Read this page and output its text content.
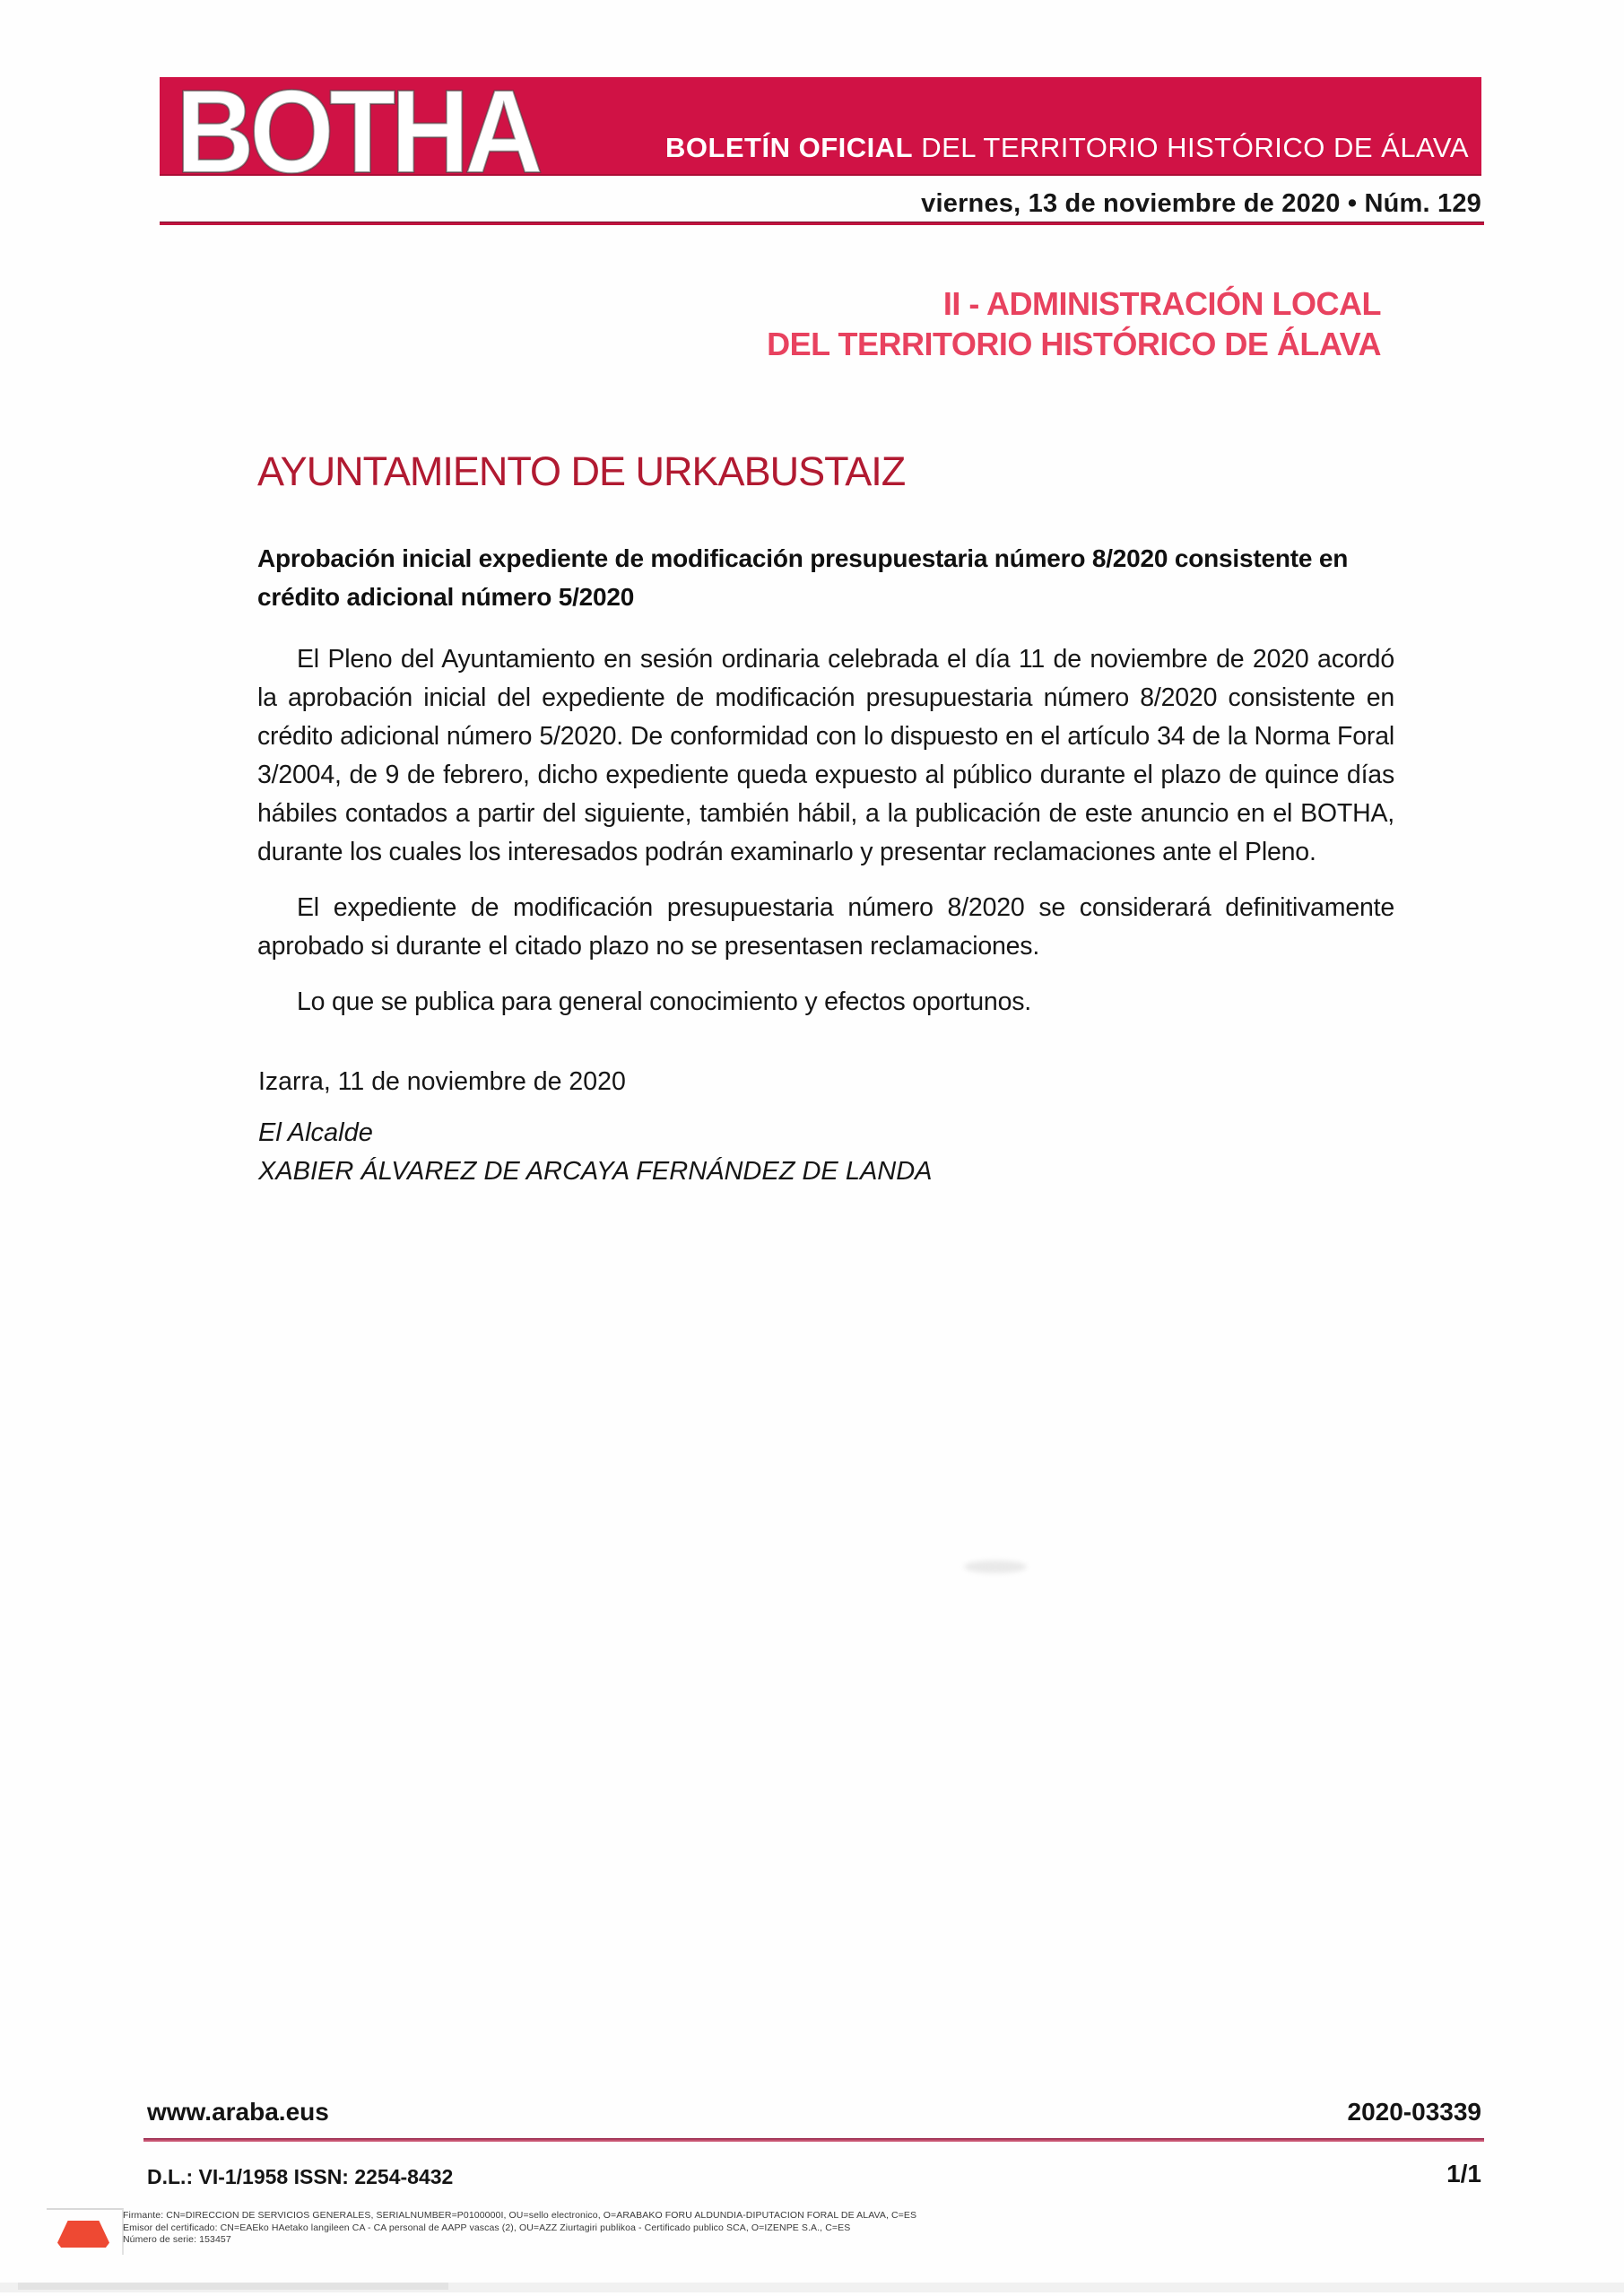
BOTHA	BOLETÍN OFICIAL DEL TERRITORIO HISTÓRICO DE ÁLAVA
viernes, 13 de noviembre de 2020 • Núm. 129
II - ADMINISTRACIÓN LOCAL
DEL TERRITORIO HISTÓRICO DE ÁLAVA
AYUNTAMIENTO DE URKABUSTAIZ
Aprobación inicial expediente de modificación presupuestaria número 8/2020 consistente en crédito adicional número 5/2020

El Pleno del Ayuntamiento en sesión ordinaria celebrada el día 11 de noviembre de 2020 acordó la aprobación inicial del expediente de modificación presupuestaria número 8/2020 consistente en crédito adicional número 5/2020. De conformidad con lo dispuesto en el artículo 34 de la Norma Foral 3/2004, de 9 de febrero, dicho expediente queda expuesto al público durante el plazo de quince días hábiles contados a partir del siguiente, también hábil, a la publicación de este anuncio en el BOTHA, durante los cuales los interesados podrán examinarlo y presentar reclamaciones ante el Pleno.

El expediente de modificación presupuestaria número 8/2020 se considerará definitivamente aprobado si durante el citado plazo no se presentasen reclamaciones.

Lo que se publica para general conocimiento y efectos oportunos.

Izarra, 11 de noviembre de 2020
El Alcalde
XABIER ÁLVAREZ DE ARCAYA FERNÁNDEZ DE LANDA
www.araba.eus	2020-03339
D.L.: VI-1/1958 ISSN: 2254-8432	1/1
Firmante: CN=DIRECCION DE SERVICIOS GENERALES, SERIALNUMBER=P0100000I, OU=sello electronico, O=ARABAKO FORU ALDUNDIA-DIPUTACION FORAL DE ALAVA, C=ES
Emisor del certificado: CN=EAEko HAetako langileen CA - CA personal de AAPP vascas (2), OU=AZZ Ziurtagiri publikoa - Certificado publico SCA, O=IZENPE S.A., C=ES
Número de serie: 153457
